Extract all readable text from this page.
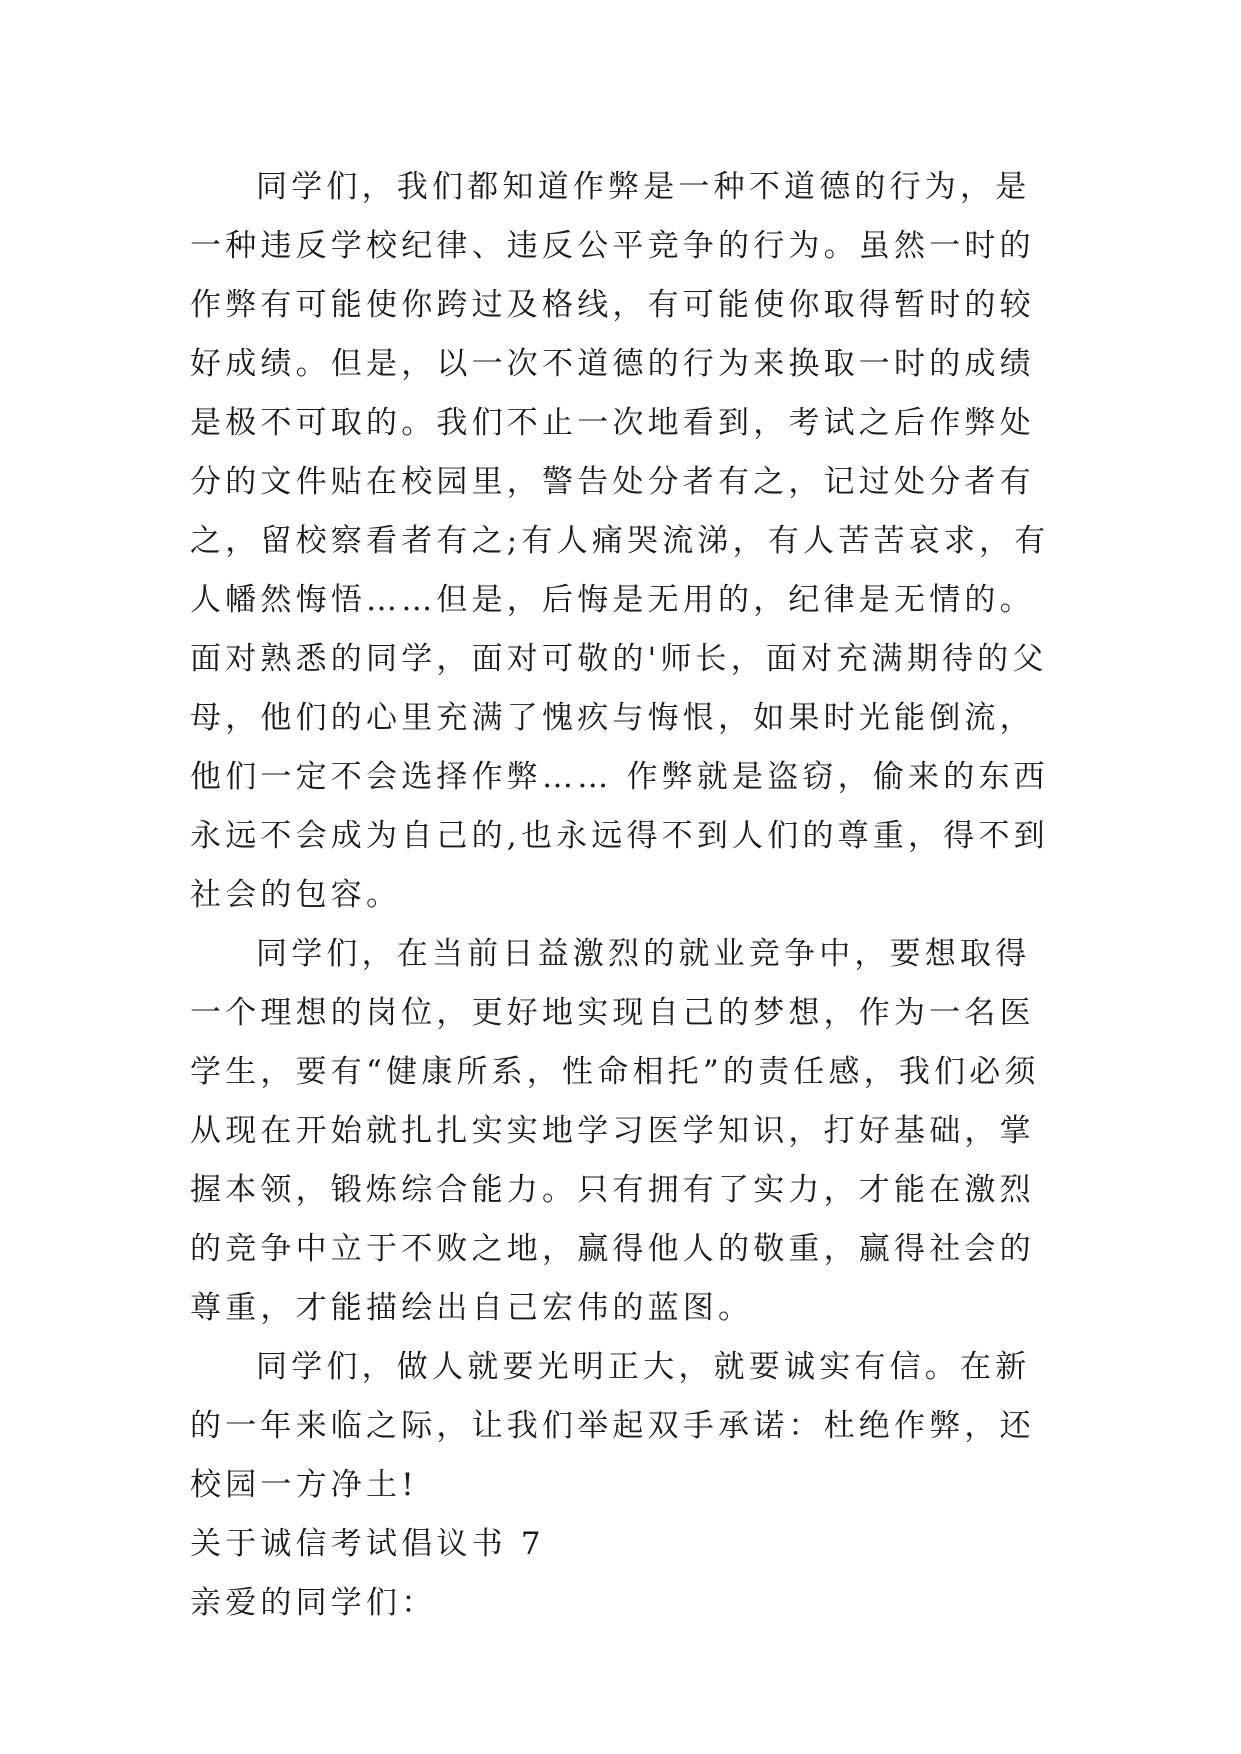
同学们，我们都知道作弊是一种不道德的行为，是一种违反学校纪律、违反公平竞争的行为。虽然一时的作弊有可能使你跨过及格线，有可能使你取得暂时的较好成绩。但是，以一次不道德的行为来换取一时的成绩是极不可取的。我们不止一次地看到，考试之后作弊处分的文件贴在校园里，警告处分者有之，记过处分者有之，留校察看者有之;有人痛哭流涕，有人苦苦哀求，有人幡然悔悟……但是，后悔是无用的，纪律是无情的。面对熟悉的同学，面对可敬的'师长，面对充满期待的父母，他们的心里充满了愧疚与悔恨，如果时光能倒流，他们一定不会选择作弊…… 作弊就是盗窃，偷来的东西永远不会成为自己的,也永远得不到人们的尊重，得不到社会的包容。

同学们，在当前日益激烈的就业竞争中，要想取得一个理想的岗位，更好地实现自己的梦想，作为一名医学生，要有“健康所系，性命相托”的责任感，我们必须从现在开始就扎扎实实地学习医学知识，打好基础，掌握本领，锻炼综合能力。只有拥有了实力，才能在激烈的竞争中立于不败之地，赢得他人的敬重，赢得社会的尊重，才能描绘出自己宏伟的蓝图。

同学们，做人就要光明正大，就要诚实有信。在新的一年来临之际，让我们举起双手承诺：杜绝作弊，还校园一方净土!

关于诚信考试倡议书 7

亲爱的同学们：
